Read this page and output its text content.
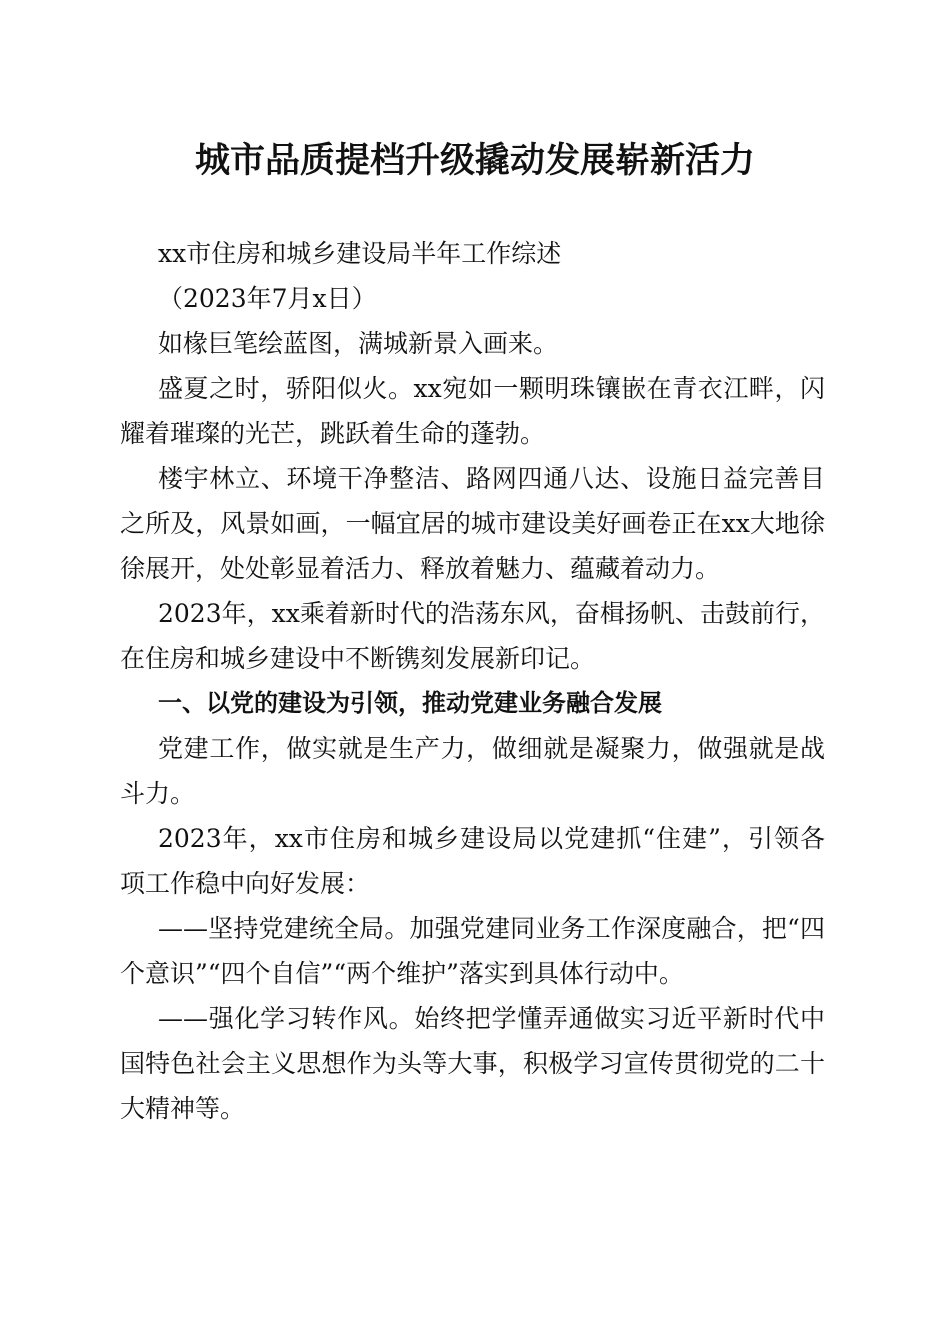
城市品质提档升级撬动发展崭新活力

xx市住房和城乡建设局半年工作综述

（2023年7月x日）

如椽巨笔绘蓝图，满城新景入画来。

盛夏之时，骄阳似火。xx宛如一颗明珠镶嵌在青衣江畔，闪耀着璀璨的光芒，跳跃着生命的蓬勃。

楼宇林立、环境干净整洁、路网四通八达、设施日益完善目之所及，风景如画，一幅宜居的城市建设美好画卷正在xx大地徐徐展开，处处彰显着活力、释放着魅力、蕴藏着动力。

2023年，xx乘着新时代的浩荡东风，奋楫扬帆、击鼓前行，在住房和城乡建设中不断镌刻发展新印记。

一、以党的建设为引领，推动党建业务融合发展

党建工作，做实就是生产力，做细就是凝聚力，做强就是战斗力。

2023年，xx市住房和城乡建设局以党建抓“住建”，引领各项工作稳中向好发展：

——坚持党建统全局。加强党建同业务工作深度融合，把“四个意识”“四个自信”“两个维护”落实到具体行动中。

——强化学习转作风。始终把学懂弄通做实习近平新时代中国特色社会主义思想作为头等大事，积极学习宣传贯彻党的二十大精神等。
